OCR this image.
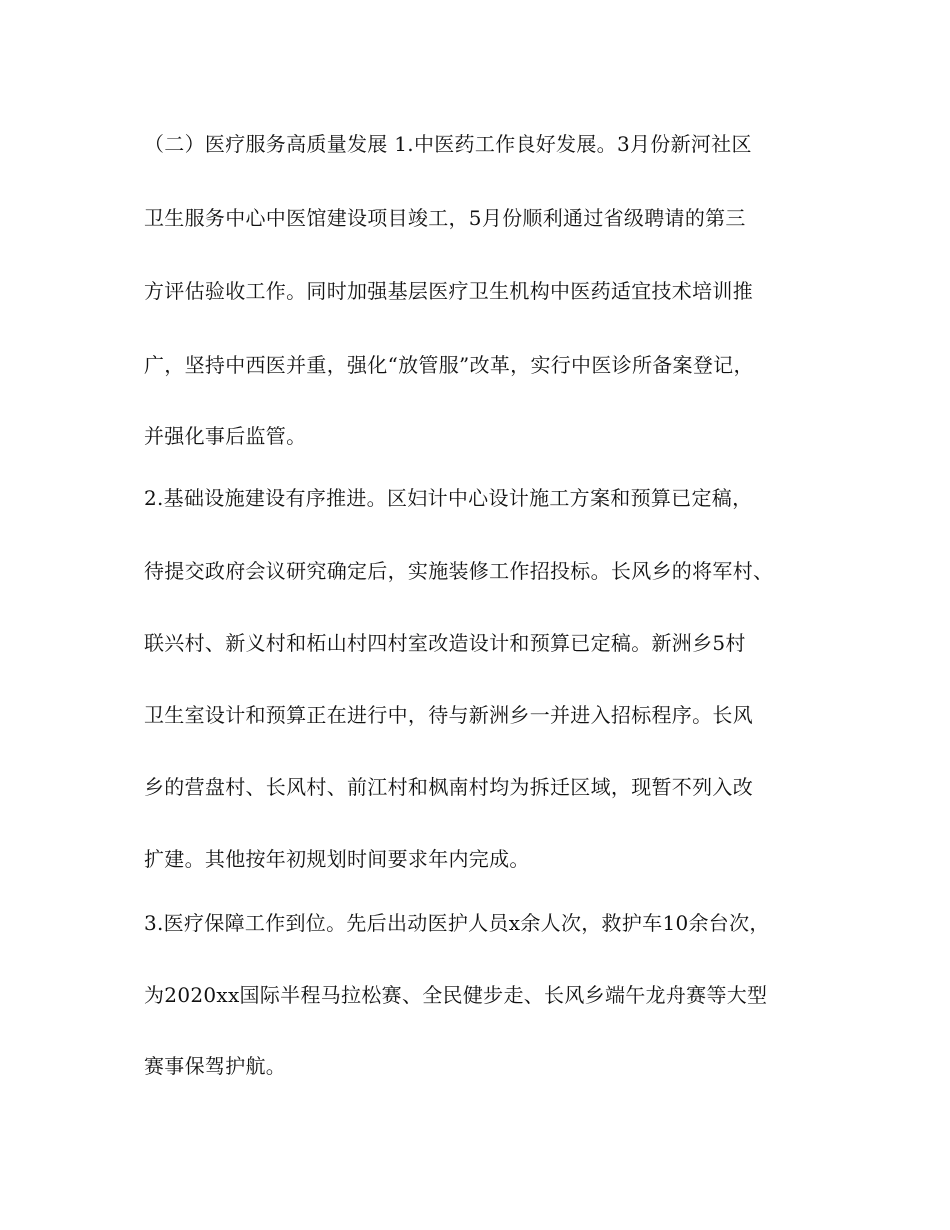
（二）医疗服务高质量发展 1.中医药工作良好发展。3月份新河社区
卫生服务中心中医馆建设项目竣工，5月份顺利通过省级聘请的第三
方评估验收工作。同时加强基层医疗卫生机构中医药适宜技术培训推
广，坚持中西医并重，强化“放管服”改革，实行中医诊所备案登记，
并强化事后监管。
2.基础设施建设有序推进。区妇计中心设计施工方案和预算已定稿，
待提交政府会议研究确定后，实施装修工作招投标。长风乡的将军村、
联兴村、新义村和柘山村四村室改造设计和预算已定稿。新洲乡5村
卫生室设计和预算正在进行中，待与新洲乡一并进入招标程序。长风
乡的营盘村、长风村、前江村和枫南村均为拆迁区域，现暂不列入改
扩建。其他按年初规划时间要求年内完成。
3.医疗保障工作到位。先后出动医护人员x余人次，救护车10余台次，
为2020xx国际半程马拉松赛、全民健步走、长风乡端午龙舟赛等大型
赛事保驾护航。
